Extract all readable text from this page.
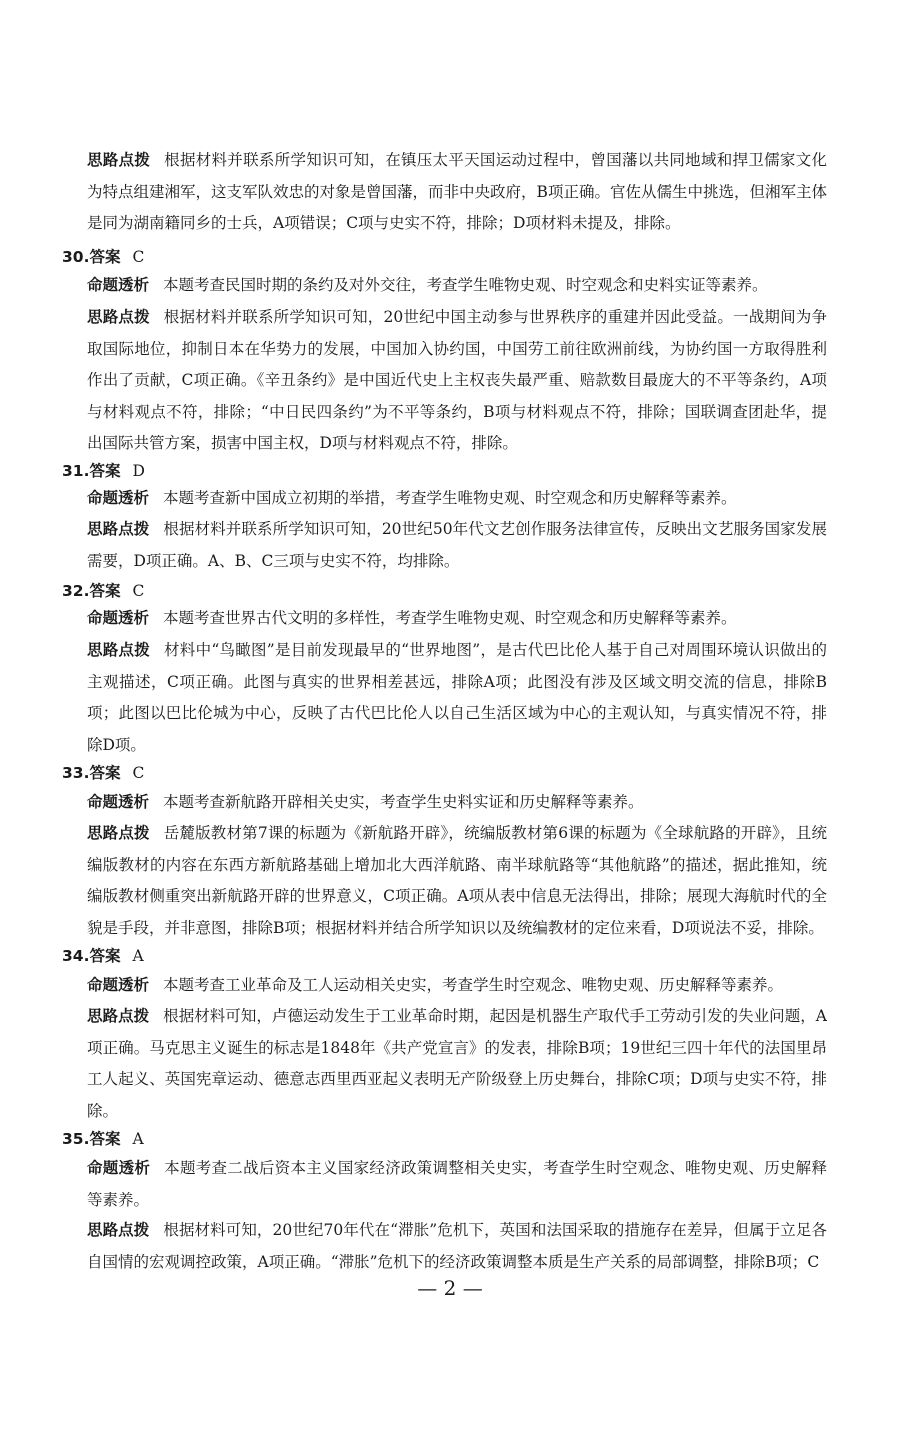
思路点拨 根据材料并联系所学知识可知，在镇压太平天国运动过程中，曾国藩以共同地域和捍卫儒家文化为特点组建湘军，这支军队效忠的对象是曾国藩，而非中央政府，B项正确。官佐从儒生中挑选，但湘军主体是同为湖南籍同乡的士兵，A项错误；C项与史实不符，排除；D项材料未提及，排除。
30.答案 C
命题透析 本题考查民国时期的条约及对外交往，考查学生唯物史观、时空观念和史料实证等素养。
思路点拨 根据材料并联系所学知识可知，20世纪中国主动参与世界秩序的重建并因此受益。一战期间为争取国际地位，抑制日本在华势力的发展，中国加入协约国，中国劳工前往欧洲前线，为协约国一方取得胜利作出了贡献，C项正确。《辛丑条约》是中国近代史上主权丧失最严重、赔款数目最庞大的不平等条约，A项与材料观点不符，排除；“中日民四条约”为不平等条约，B项与材料观点不符，排除；国联调查团赴华，提出国际共管方案，损害中国主权，D项与材料观点不符，排除。
31.答案 D
命题透析 本题考查新中国成立初期的举措，考查学生唯物史观、时空观念和历史解释等素养。
思路点拨 根据材料并联系所学知识可知，20世纪50年代文艺创作服务法律宣传，反映出文艺服务国家发展需要，D项正确。A、B、C三项与史实不符，均排除。
32.答案 C
命题透析 本题考查世界古代文明的多样性，考查学生唯物史观、时空观念和历史解释等素养。
思路点拨 材料中“鸟瞰图”是目前发现最早的“世界地图”，是古代巴比伦人基于自己对周围环境认识做出的主观描述，C项正确。此图与真实的世界相差甚远，排除A项；此图没有涉及区域文明交流的信息，排除B项；此图以巴比伦城为中心，反映了古代巴比伦人以自己生活区域为中心的主观认知，与真实情况不符，排除D项。
33.答案 C
命题透析 本题考查新航路开辟相关史实，考查学生史料实证和历史解释等素养。
思路点拨 岳麓版教材第7课的标题为《新航路开辟》，统编版教材第6课的标题为《全球航路的开辟》，且统编版教材的内容在东西方新航路基础上增加北大西洋航路、南半球航路等“其他航路”的描述，据此推知，统编版教材侧重突出新航路开辟的世界意义，C项正确。A项从表中信息无法得出，排除；展现大海航时代的全貌是手段，并非意图，排除B项；根据材料并结合所学知识以及统编教材的定位来看，D项说法不妥，排除。
34.答案 A
命题透析 本题考查工业革命及工人运动相关史实，考查学生时空观念、唯物史观、历史解释等素养。
思路点拨 根据材料可知，卢德运动发生于工业革命时期，起因是机器生产取代手工劳动引发的失业问题，A项正确。马克思主义诞生的标志是1848年《共产党宣言》的发表，排除B项；19世纪三四十年代的法国里昂工人起义、英国宪章运动、德意志西里西亚起义表明无产阶级登上历史舞台，排除C项；D项与史实不符，排除。
35.答案 A
命题透析 本题考查二战后资本主义国家经济政策调整相关史实，考查学生时空观念、唯物史观、历史解释等素养。
思路点拨 根据材料可知，20世纪70年代在“滞胀”危机下，英国和法国采取的措施存在差异，但属于立足各自国情的宏观调控政策，A项正确。“滞胀”危机下的经济政策调整本质是生产关系的局部调整，排除B项；C
— 2 —
